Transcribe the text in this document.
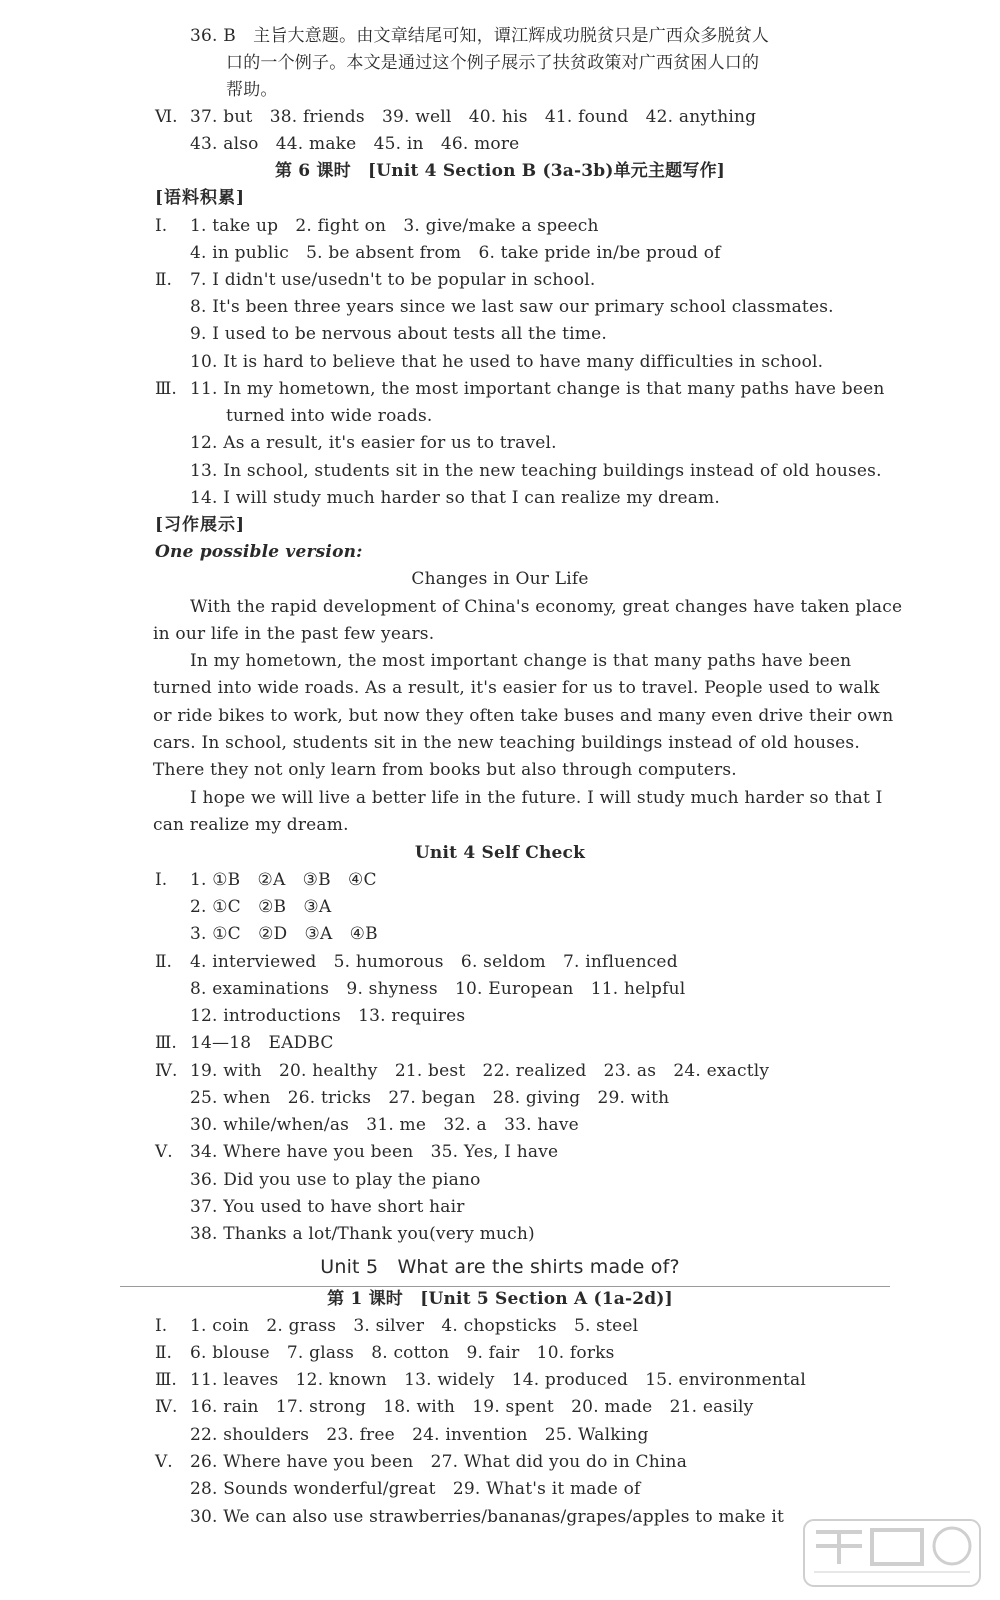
36. B　主旨大意题。由文章结尾可知，谭江辉成功脱贫只是广西众多脱贫人
口的一个例子。本文是通过这个例子展示了扶贫政策对广西贫困人口的
帮助。
Ⅵ. 37. but　38. friends　39. well　40. his　41. found　42. anything
43. also　44. make　45. in　46. more
第 6 课时　[Unit 4 Section B (3a-3b)单元主题写作]
[语料积累]
Ⅰ. 1. take up　2. fight on　3. give/make a speech
4. in public　5. be absent from　6. take pride in/be proud of
Ⅱ. 7. I didn't use/usedn't to be popular in school.
8. It's been three years since we last saw our primary school classmates.
9. I used to be nervous about tests all the time.
10. It is hard to believe that he used to have many difficulties in school.
Ⅲ. 11. In my hometown, the most important change is that many paths have been
turned into wide roads.
12. As a result, it's easier for us to travel.
13. In school, students sit in the new teaching buildings instead of old houses.
14. I will study much harder so that I can realize my dream.
[习作展示]
One possible version:
Changes in Our Life
With the rapid development of China's economy, great changes have taken place
in our life in the past few years.
In my hometown, the most important change is that many paths have been
turned into wide roads. As a result, it's easier for us to travel. People used to walk
or ride bikes to work, but now they often take buses and many even drive their own
cars. In school, students sit in the new teaching buildings instead of old houses.
There they not only learn from books but also through computers.
I hope we will live a better life in the future. I will study much harder so that I
can realize my dream.
Unit 4 Self Check
Ⅰ. 1. ①B　②A　③B　④C
2. ①C　②B　③A
3. ①C　②D　③A　④B
Ⅱ. 4. interviewed　5. humorous　6. seldom　7. influenced
8. examinations　9. shyness　10. European　11. helpful
12. introductions　13. requires
Ⅲ. 14—18　EADBC
Ⅳ. 19. with　20. healthy　21. best　22. realized　23. as　24. exactly
25. when　26. tricks　27. began　28. giving　29. with
30. while/when/as　31. me　32. a　33. have
Ⅴ. 34. Where have you been　35. Yes, I have
36. Did you use to play the piano
37. You used to have short hair
38. Thanks a lot/Thank you(very much)
Unit 5　What are the shirts made of?
第 1 课时　[Unit 5 Section A (1a-2d)]
Ⅰ. 1. coin　2. grass　3. silver　4. chopsticks　5. steel
Ⅱ. 6. blouse　7. glass　8. cotton　9. fair　10. forks
Ⅲ. 11. leaves　12. known　13. widely　14. produced　15. environmental
Ⅳ. 16. rain　17. strong　18. with　19. spent　20. made　21. easily
22. shoulders　23. free　24. invention　25. Walking
Ⅴ. 26. Where have you been　27. What did you do in China
28. Sounds wonderful/great　29. What's it made of
30. We can also use strawberries/bananas/grapes/apples to make it
